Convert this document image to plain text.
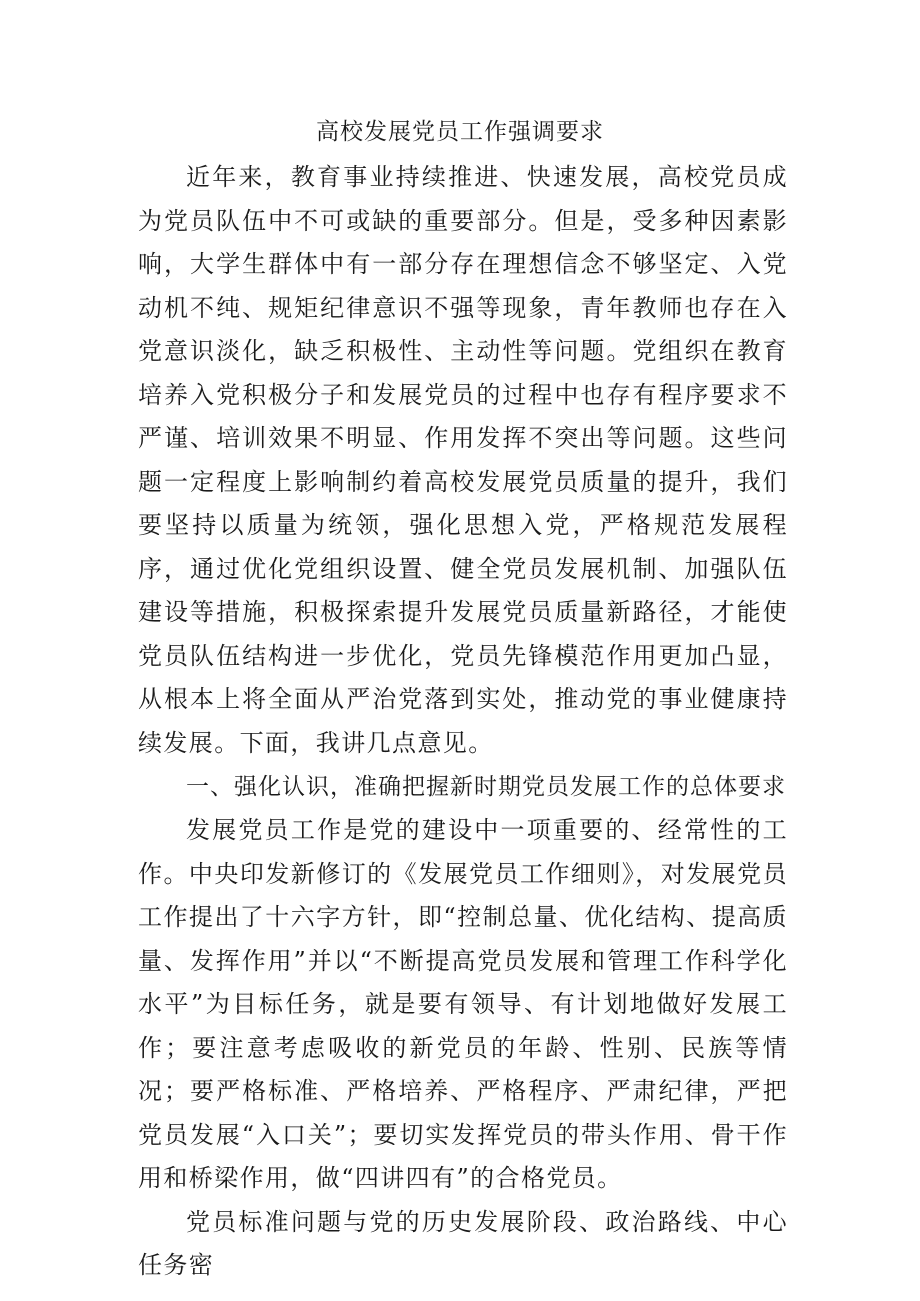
高校发展党员工作强调要求

近年来，教育事业持续推进、快速发展，高校党员成为党员队伍中不可或缺的重要部分。但是，受多种因素影响，大学生群体中有一部分存在理想信念不够坚定、入党动机不纯、规矩纪律意识不强等现象，青年教师也存在入党意识淡化，缺乏积极性、主动性等问题。党组织在教育培养入党积极分子和发展党员的过程中也存有程序要求不严谨、培训效果不明显、作用发挥不突出等问题。这些问题一定程度上影响制约着高校发展党员质量的提升，我们要坚持以质量为统领，强化思想入党，严格规范发展程序，通过优化党组织设置、健全党员发展机制、加强队伍建设等措施，积极探索提升发展党员质量新路径，才能使党员队伍结构进一步优化，党员先锋模范作用更加凸显，从根本上将全面从严治党落到实处，推动党的事业健康持续发展。下面，我讲几点意见。

一、强化认识，准确把握新时期党员发展工作的总体要求

发展党员工作是党的建设中一项重要的、经常性的工作。中央印发新修订的《发展党员工作细则》，对发展党员工作提出了十六字方针，即“控制总量、优化结构、提高质量、发挥作用”并以“不断提高党员发展和管理工作科学化水平”为目标任务，就是要有领导、有计划地做好发展工作；要注意考虑吸收的新党员的年龄、性别、民族等情况；要严格标准、严格培养、严格程序、严肃纪律，严把党员发展“入口关”；要切实发挥党员的带头作用、骨干作用和桥梁作用，做“四讲四有”的合格党员。

党员标准问题与党的历史发展阶段、政治路线、中心任务密
